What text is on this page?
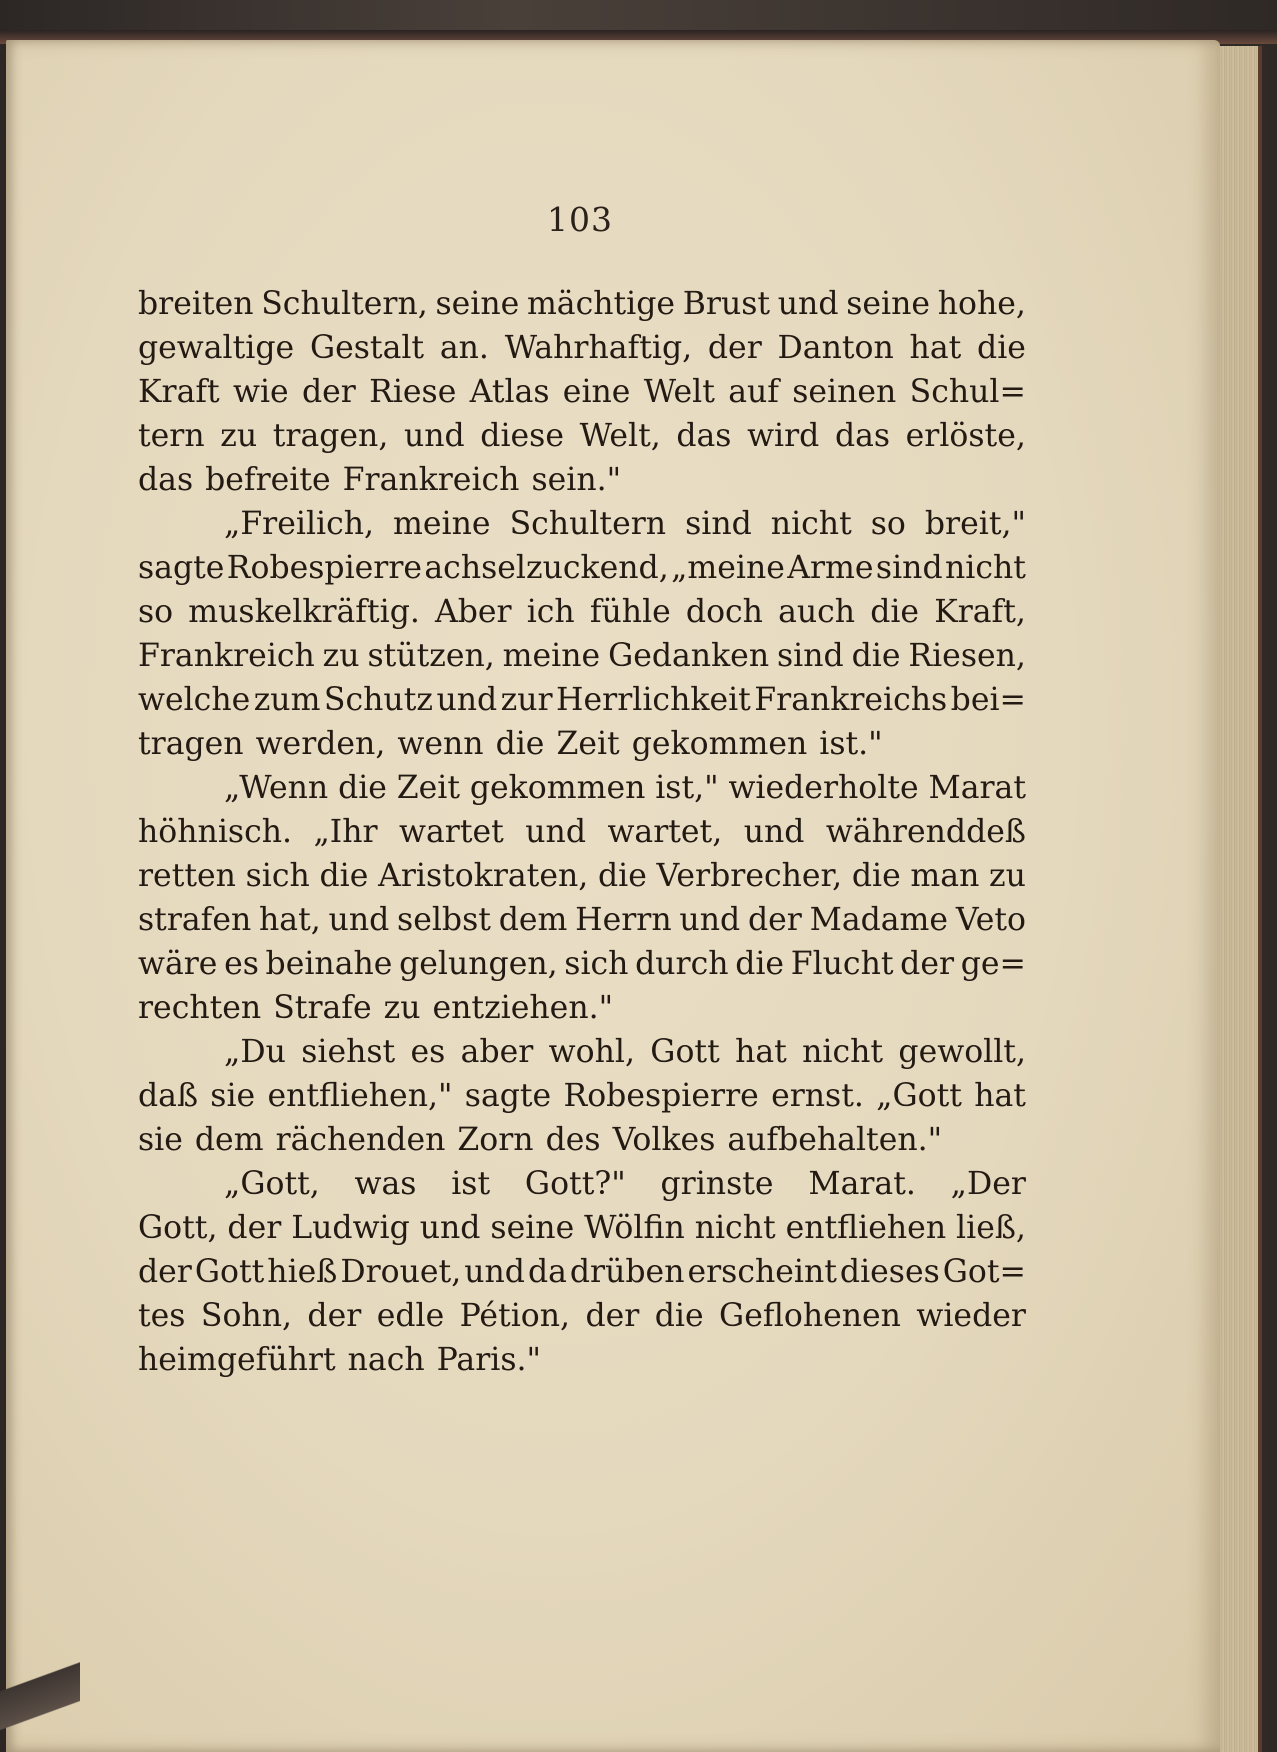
103
breiten Schultern, seine mächtige Brust und seine hohe,
gewaltige Gestalt an. Wahrhaftig, der Danton hat die
Kraft wie der Riese Atlas eine Welt auf seinen Schul=
tern zu tragen, und diese Welt, das wird das erlöste,
das befreite Frankreich sein."
„Freilich, meine Schultern sind nicht so breit,"
sagte Robespierre achselzuckend, „meine Arme sind nicht
so muskelkräftig. Aber ich fühle doch auch die Kraft,
Frankreich zu stützen, meine Gedanken sind die Riesen,
welche zum Schutz und zur Herrlichkeit Frankreichs bei=
tragen werden, wenn die Zeit gekommen ist."
„Wenn die Zeit gekommen ist," wiederholte Marat
höhnisch. „Ihr wartet und wartet, und währenddeß
retten sich die Aristokraten, die Verbrecher, die man zu
strafen hat, und selbst dem Herrn und der Madame Veto
wäre es beinahe gelungen, sich durch die Flucht der ge=
rechten Strafe zu entziehen."
„Du siehst es aber wohl, Gott hat nicht gewollt,
daß sie entfliehen," sagte Robespierre ernst. „Gott hat
sie dem rächenden Zorn des Volkes aufbehalten."
„Gott, was ist Gott?" grinste Marat. „Der
Gott, der Ludwig und seine Wölfin nicht entfliehen ließ,
der Gott hieß Drouet, und da drüben erscheint dieses Got=
tes Sohn, der edle Pétion, der die Geflohenen wieder
heimgeführt nach Paris."
